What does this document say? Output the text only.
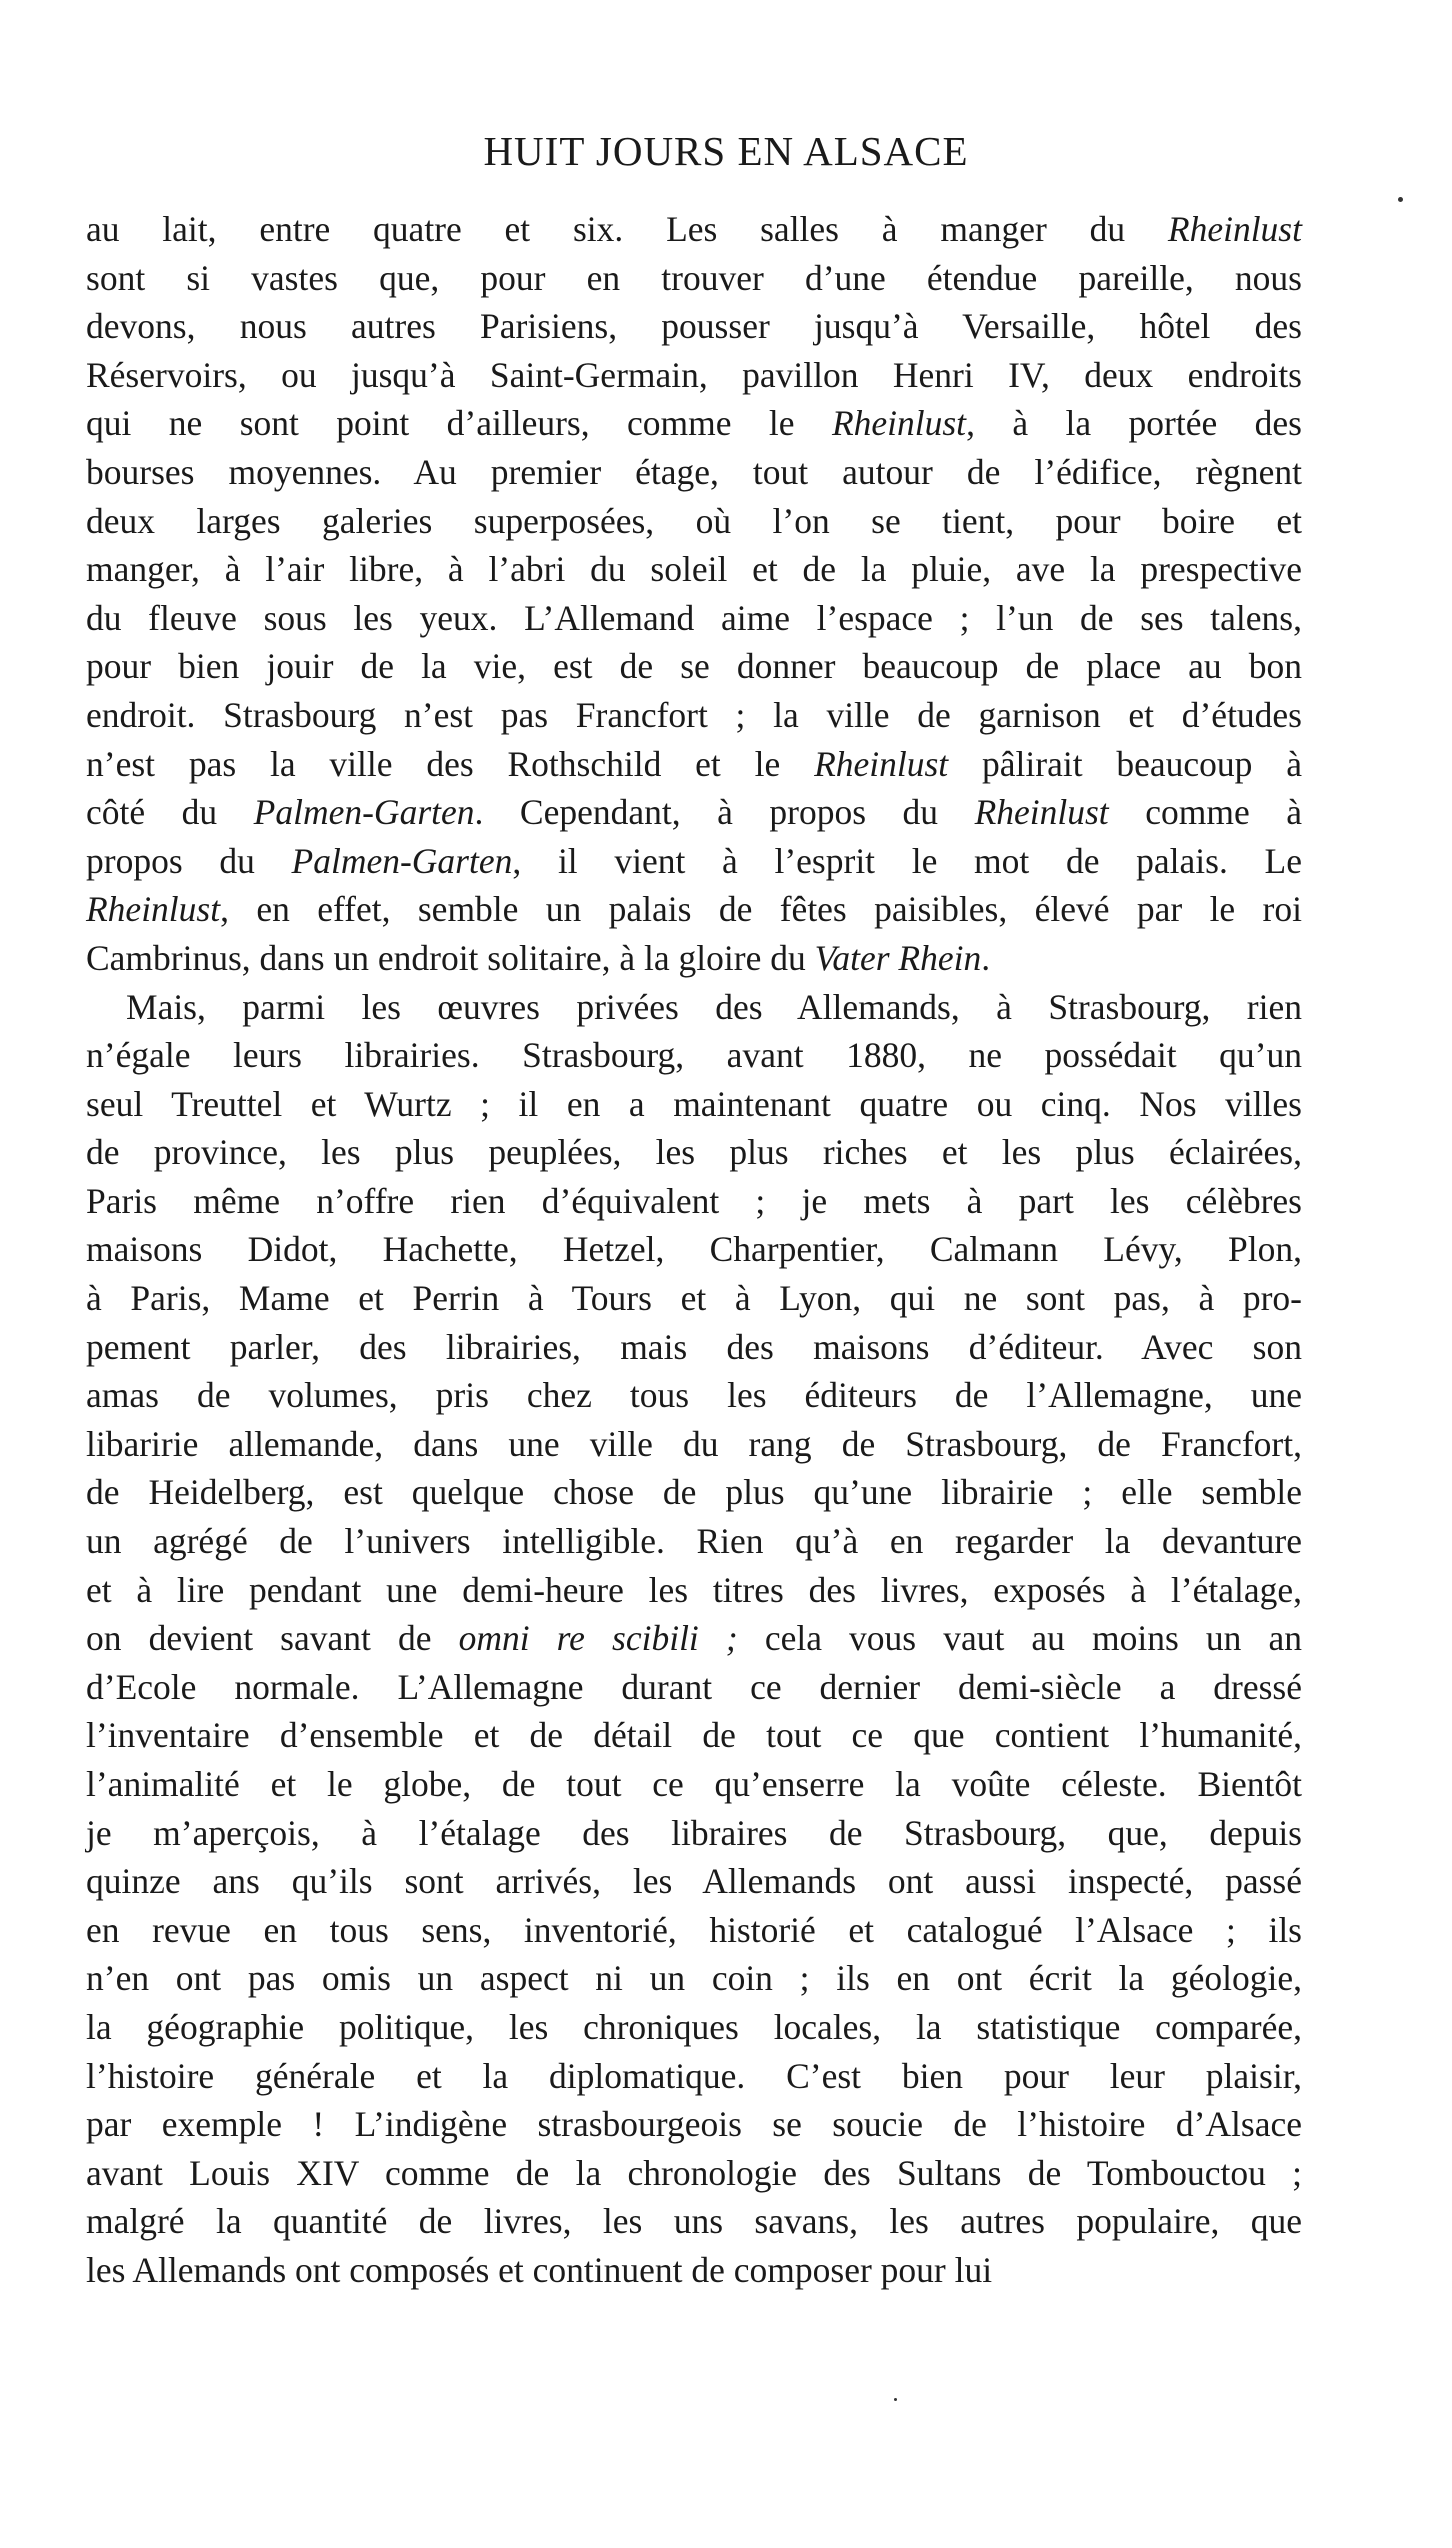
HUIT JOURS EN ALSACE
au lait, entre quatre et six. Les salles à manger du Rheinlust
sont si vastes que, pour en trouver d’une étendue pareille, nous
devons, nous autres Parisiens, pousser jusqu’à Versaille, hôtel des
Réservoirs, ou jusqu’à Saint-Germain, pavillon Henri IV, deux endroits
qui ne sont point d’ailleurs, comme le Rheinlust, à la portée des
bourses moyennes. Au premier étage, tout autour de l’édifice, règnent
deux larges galeries superposées, où l’on se tient, pour boire et
manger, à l’air libre, à l’abri du soleil et de la pluie, ave la prespective
du fleuve sous les yeux. L’Allemand aime l’espace ; l’un de ses talens,
pour bien jouir de la vie, est de se donner beaucoup de place au bon
endroit. Strasbourg n’est pas Francfort ; la ville de garnison et d’études
n’est pas la ville des Rothschild et le Rheinlust pâlirait beaucoup à
côté du Palmen-Garten. Cependant, à propos du Rheinlust comme à
propos du Palmen-Garten, il vient à l’esprit le mot de palais. Le
Rheinlust, en effet, semble un palais de fêtes paisibles, élevé par le roi
Cambrinus, dans un endroit solitaire, à la gloire du Vater Rhein.
Mais, parmi les œuvres privées des Allemands, à Strasbourg, rien
n’égale leurs librairies. Strasbourg, avant 1880, ne possédait qu’un
seul Treuttel et Wurtz ; il en a maintenant quatre ou cinq. Nos villes
de province, les plus peuplées, les plus riches et les plus éclairées,
Paris même n’offre rien d’équivalent ; je mets à part les célèbres
maisons Didot, Hachette, Hetzel, Charpentier, Calmann Lévy, Plon,
à Paris, Mame et Perrin à Tours et à Lyon, qui ne sont pas, à pro-
pement parler, des librairies, mais des maisons d’éditeur. Avec son
amas de volumes, pris chez tous les éditeurs de l’Allemagne, une
libaririe allemande, dans une ville du rang de Strasbourg, de Francfort,
de Heidelberg, est quelque chose de plus qu’une librairie ; elle semble
un agrégé de l’univers intelligible. Rien qu’à en regarder la devanture
et à lire pendant une demi-heure les titres des livres, exposés à l’étalage,
on devient savant de omni re scibili ; cela vous vaut au moins un an
d’Ecole normale. L’Allemagne durant ce dernier demi-siècle a dressé
l’inventaire d’ensemble et de détail de tout ce que contient l’humanité,
l’animalité et le globe, de tout ce qu’enserre la voûte céleste. Bientôt
je m’aperçois, à l’étalage des libraires de Strasbourg, que, depuis
quinze ans qu’ils sont arrivés, les Allemands ont aussi inspecté, passé
en revue en tous sens, inventorié, historié et catalogué l’Alsace ; ils
n’en ont pas omis un aspect ni un coin ; ils en ont écrit la géologie,
la géographie politique, les chroniques locales, la statistique comparée,
l’histoire générale et la diplomatique. C’est bien pour leur plaisir,
par exemple ! L’indigène strasbourgeois se soucie de l’histoire d’Alsace
avant Louis XIV comme de la chronologie des Sultans de Tombouctou ;
malgré la quantité de livres, les uns savans, les autres populaire, que
les Allemands ont composés et continuent de composer pour lui
